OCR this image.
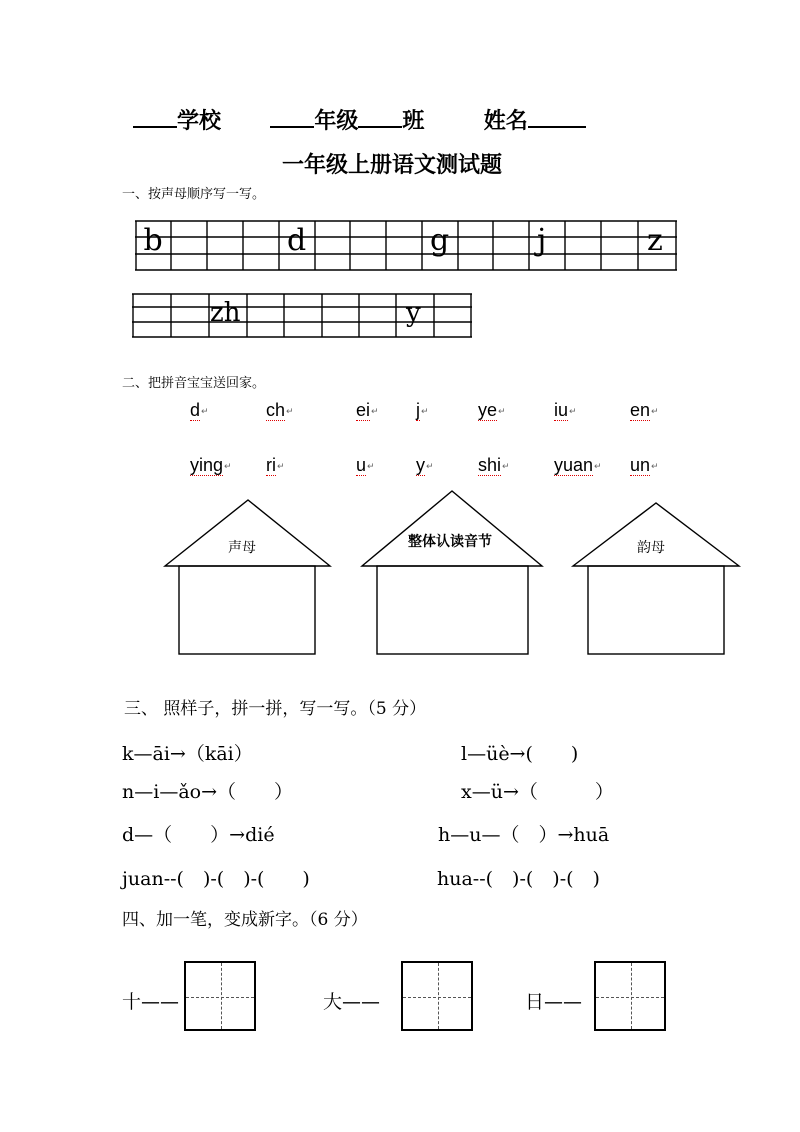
学校	年级 班	姓名
一年级上册语文测试题
一、按声母顺序写一写。
b	d	g	j	z
zh	y
二、把拼音宝宝送回家。
d↵	ch↵	ei↵ j↵	ye↵	iu↵	en↵
ying↵ ri↵	u↵ y↵ shi↵ yuan↵ un↵
声母	整体认读音节	韵母
三、 照样子，拼一拼，写一写。（5 分）
k—āi→（kāi）	l—üè→(　　)
n—i—ǎo→（　　）	x—ü→（　　　）
d—（　　）→dié	h—u—（　）→huā
juan--(　)-(　)-(　　)	hua--(　)-(　)-(　)
四、加一笔，变成新字。（6 分）
十——	大——	日——
